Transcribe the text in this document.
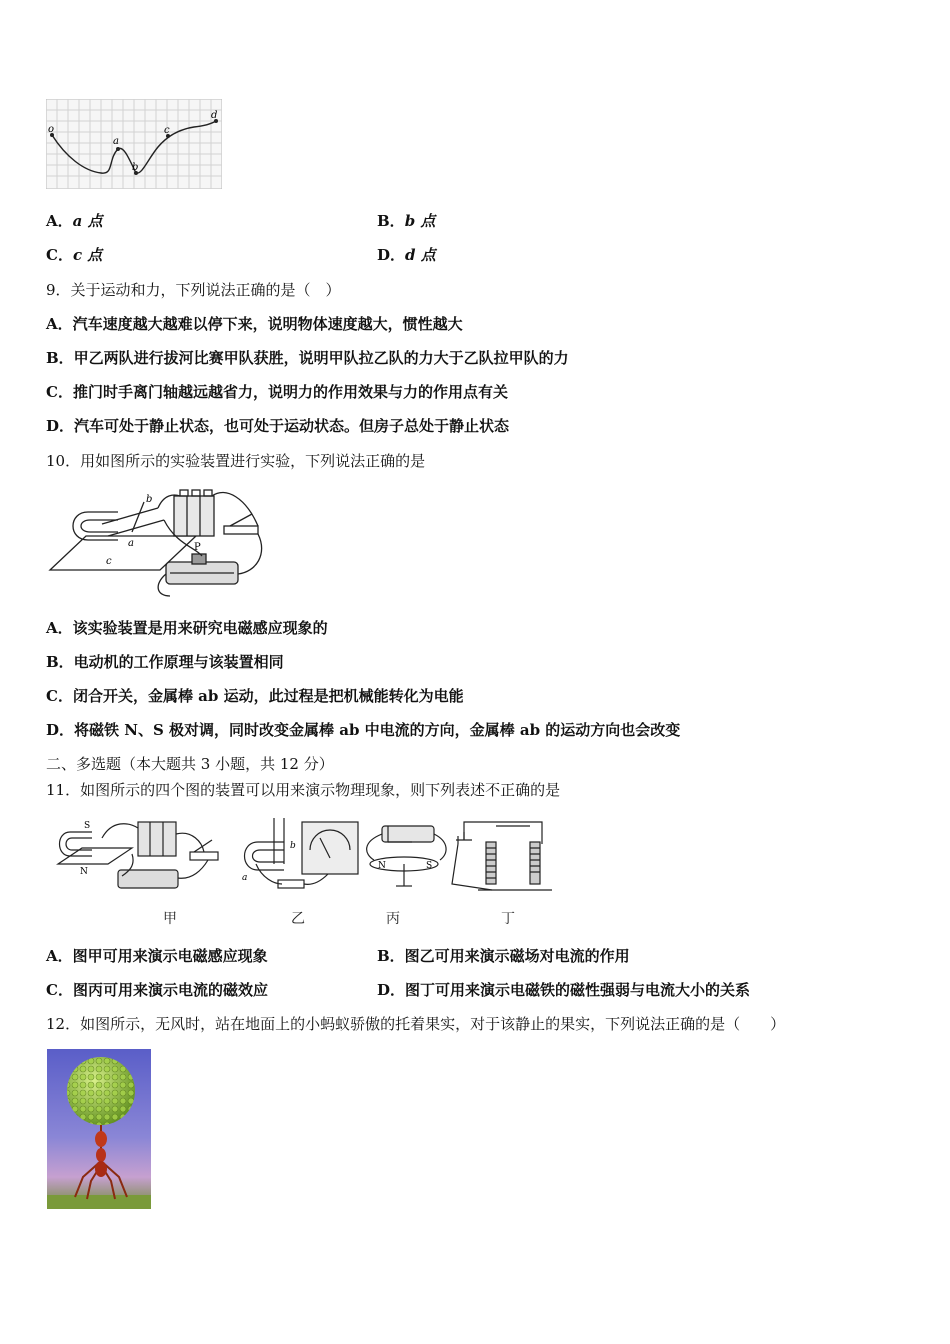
o
a
b
c
d
A．a 点	B．b 点
C．c 点	D．d 点
9．关于运动和力，下列说法正确的是（　）
A．汽车速度越大越难以停下来，说明物体速度越大，惯性越大
B．甲乙两队进行拔河比赛甲队获胜，说明甲队拉乙队的力大于乙队拉甲队的力
C．推门时手离门轴越远越省力，说明力的作用效果与力的作用点有关
D．汽车可处于静止状态，也可处于运动状态。但房子总处于静止状态
10．用如图所示的实验装置进行实验，下列说法正确的是
a
b
c
P
A．该实验装置是用来研究电磁感应现象的
B．电动机的工作原理与该装置相同
C．闭合开关，金属棒 ab 运动，此过程是把机械能转化为电能
D．将磁铁 N、S 极对调，同时改变金属棒 ab 中电流的方向，金属棒 ab 的运动方向也会改变
二、多选题（本大题共 3 小题，共 12 分）
11．如图所示的四个图的装置可以用来演示物理现象，则下列表述不正确的是
S
N
a
b
N	S
甲	乙	丙	丁
A．图甲可用来演示电磁感应现象	B．图乙可用来演示磁场对电流的作用
C．图丙可用来演示电流的磁效应	D．图丁可用来演示电磁铁的磁性强弱与电流大小的关系
12．如图所示，无风时，站在地面上的小蚂蚁骄傲的托着果实，对于该静止的果实，下列说法正确的是（　　）
